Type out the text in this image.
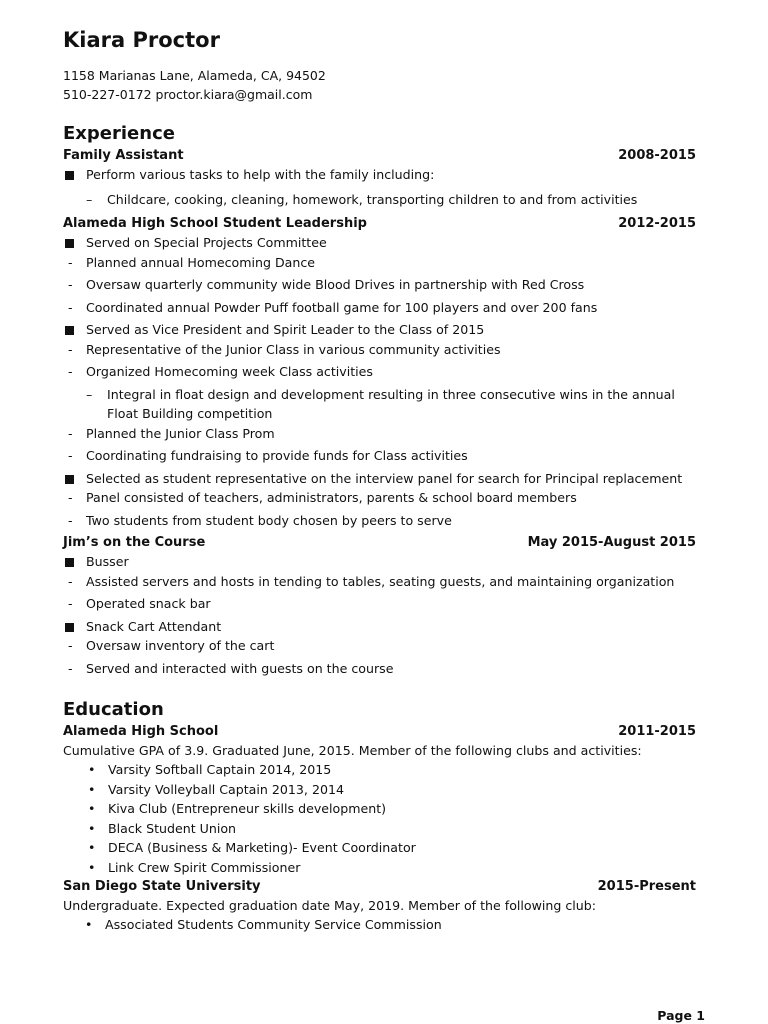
Kiara Proctor
1158 Marianas Lane, Alameda, CA, 94502
510-227-0172 proctor.kiara@gmail.com
Experience
Family Assistant	2008-2015
Perform various tasks to help with the family including:
– Childcare, cooking, cleaning, homework, transporting children to and from activities
Alameda High School Student Leadership	2012-2015
Served on Special Projects Committee
- Planned annual Homecoming Dance
- Oversaw quarterly community wide Blood Drives in partnership with Red Cross
- Coordinated annual Powder Puff football game for 100 players and over 200 fans
Served as Vice President and Spirit Leader to the Class of 2015
- Representative of the Junior Class in various community activities
- Organized Homecoming week Class activities
– Integral in float design and development resulting in three consecutive wins in the annual Float Building competition
- Planned the Junior Class Prom
- Coordinating fundraising to provide funds for Class activities
Selected as student representative on the interview panel for search for Principal replacement
- Panel consisted of teachers, administrators, parents & school board members
- Two students from student body chosen by peers to serve
Jim’s on the Course	May 2015-August 2015
Busser
- Assisted servers and hosts in tending to tables, seating guests, and maintaining organization
- Operated snack bar
Snack Cart Attendant
- Oversaw inventory of the cart
- Served and interacted with guests on the course
Education
Alameda High School	2011-2015
Cumulative GPA of 3.9. Graduated June, 2015. Member of the following clubs and activities:
• Varsity Softball Captain 2014, 2015
• Varsity Volleyball Captain 2013, 2014
• Kiva Club (Entrepreneur skills development)
• Black Student Union
• DECA (Business & Marketing)- Event Coordinator
• Link Crew Spirit Commissioner
San Diego State University	2015-Present
Undergraduate. Expected graduation date May, 2019. Member of the following club:
• Associated Students Community Service Commission
Page 1
